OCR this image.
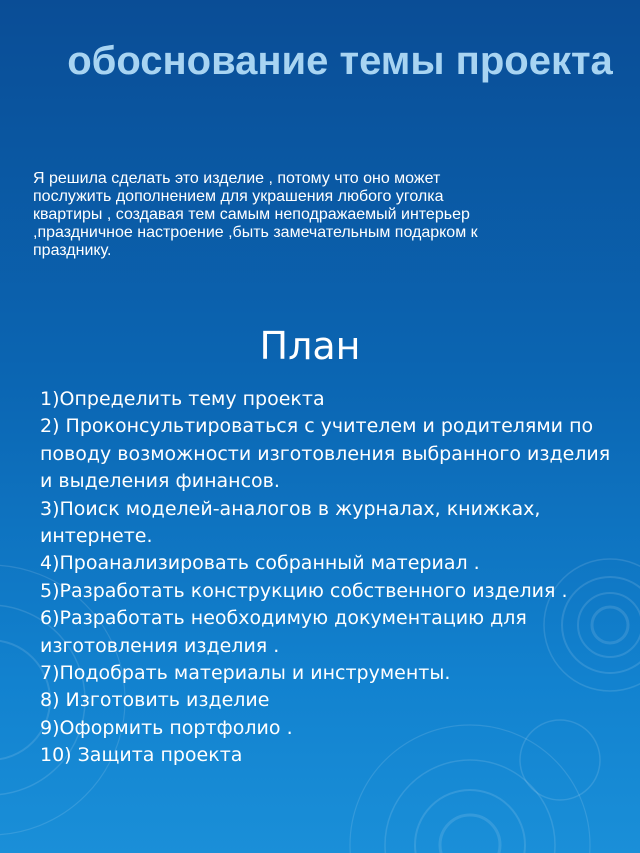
обоснование темы проекта
Я решила сделать это изделие , потому что оно может послужить дополнением для украшения любого уголка квартиры , создавая тем самым неподражаемый интерьер ,праздничное настроение ,быть замечательным подарком к празднику.
План
1)Определить тему проекта
2) Проконсультироваться с учителем и родителями по поводу возможности изготовления выбранного изделия и выделения финансов.
3)Поиск моделей-аналогов в журналах, книжках, интернете.
4)Проанализировать собранный материал .
5)Разработать конструкцию собственного изделия .
6)Разработать необходимую документацию для изготовления изделия .
7)Подобрать материалы и инструменты.
8) Изготовить изделие
9)Оформить портфолио .
10) Защита проекта
